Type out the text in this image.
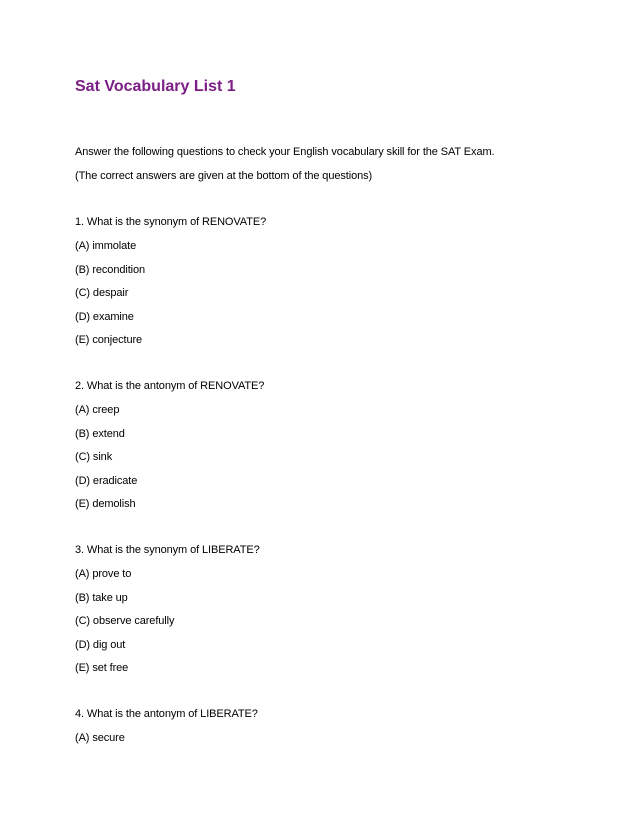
Sat Vocabulary List 1

Answer the following questions to check your English vocabulary skill for the SAT Exam.

(The correct answers are given at the bottom of the questions)

1. What is the synonym of RENOVATE?

(A) immolate

(B) recondition

(C) despair

(D) examine

(E) conjecture

2. What is the antonym of RENOVATE?

(A) creep

(B) extend

(C) sink

(D) eradicate

(E) demolish

3. What is the synonym of LIBERATE?

(A) prove to

(B) take up

(C) observe carefully

(D) dig out

(E) set free

4. What is the antonym of LIBERATE?

(A) secure
